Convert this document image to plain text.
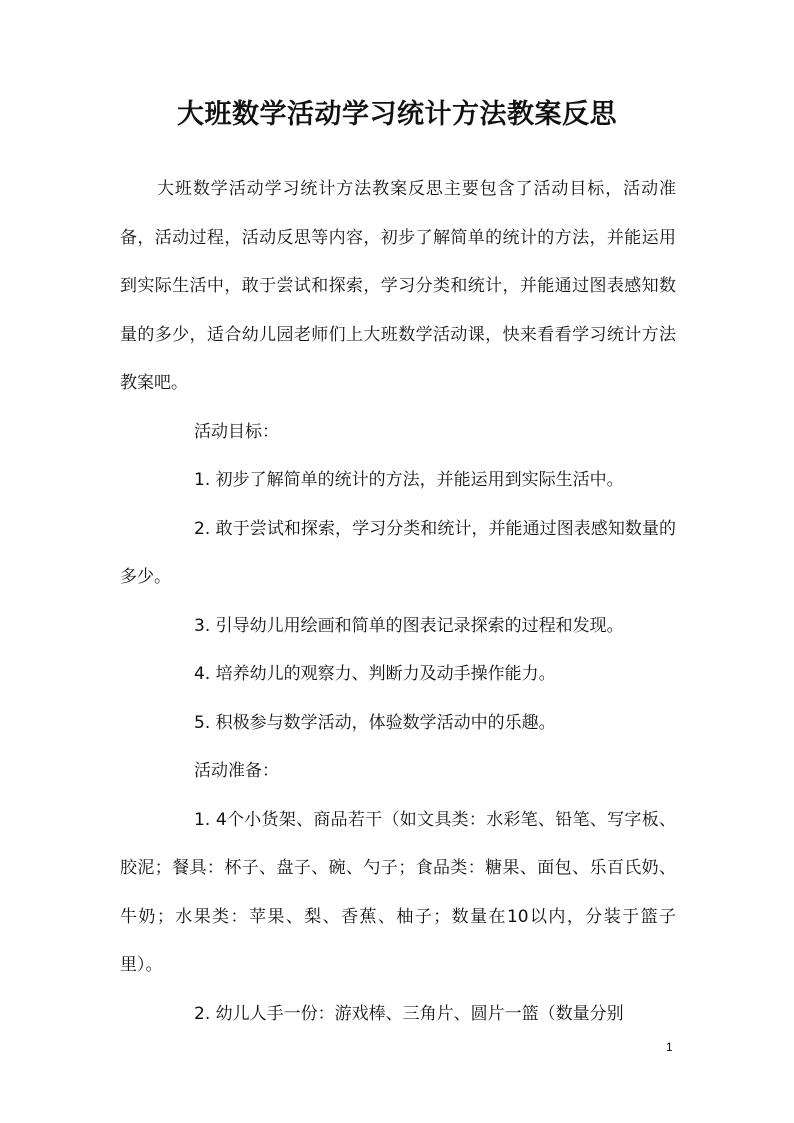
大班数学活动学习统计方法教案反思

大班数学活动学习统计方法教案反思主要包含了活动目标，活动准备，活动过程，活动反思等内容，初步了解简单的统计的方法，并能运用到实际生活中，敢于尝试和探索，学习分类和统计，并能通过图表感知数量的多少，适合幼儿园老师们上大班数学活动课，快来看看学习统计方法教案吧。

活动目标：

1. 初步了解简单的统计的方法，并能运用到实际生活中。

2. 敢于尝试和探索，学习分类和统计，并能通过图表感知数量的多少。

3. 引导幼儿用绘画和简单的图表记录探索的过程和发现。

4. 培养幼儿的观察力、判断力及动手操作能力。

5. 积极参与数学活动，体验数学活动中的乐趣。

活动准备：

1. 4个小货架、商品若干（如文具类：水彩笔、铅笔、写字板、胶泥；餐具：杯子、盘子、碗、勺子；食品类：糖果、面包、乐百氏奶、牛奶；水果类：苹果、梨、香蕉、柚子；数量在10以内，分装于篮子里）。

2. 幼儿人手一份：游戏棒、三角片、圆片一篮（数量分别

1
